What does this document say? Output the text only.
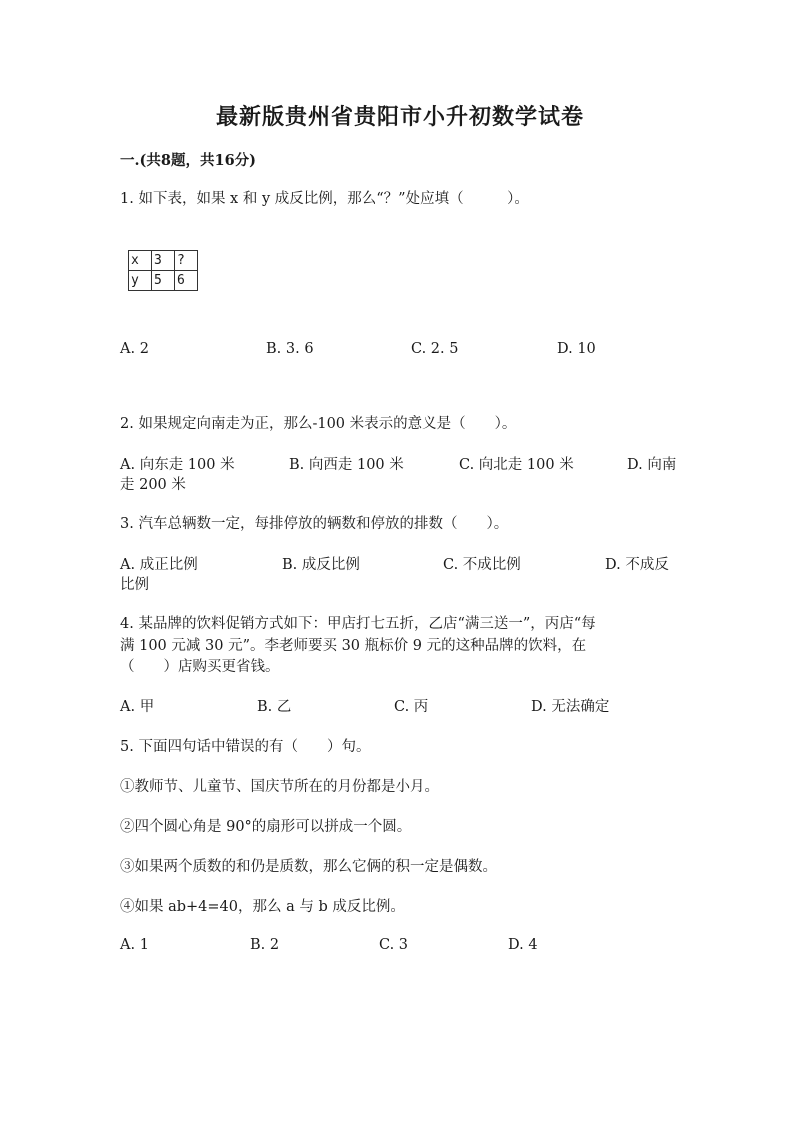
最新版贵州省贵阳市小升初数学试卷
一.(共8题，共16分)
1. 如下表，如果 x 和 y 成反比例，那么“？”处应填（　　　）。
x	3	?
y	5	6
A. 2	B. 3. 6	C. 2. 5	D. 10
2. 如果规定向南走为正，那么-100 米表示的意义是（　　）。
A. 向东走 100 米	B. 向西走 100 米	C. 向北走 100 米	D. 向南
走 200 米
3. 汽车总辆数一定，每排停放的辆数和停放的排数（　　）。
A. 成正比例	B. 成反比例	C. 不成比例	D. 不成反
比例
4. 某品牌的饮料促销方式如下：甲店打七五折，乙店“满三送一”，丙店“每
满 100 元减 30 元”。李老师要买 30 瓶标价 9 元的这种品牌的饮料，在
（　　）店购买更省钱。
A. 甲	B. 乙	C. 丙	D. 无法确定
5. 下面四句话中错误的有（　　）句。
①教师节、儿童节、国庆节所在的月份都是小月。
②四个圆心角是 90°的扇形可以拼成一个圆。
③如果两个质数的和仍是质数，那么它俩的积一定是偶数。
④如果 ab+4=40，那么 a 与 b 成反比例。
A. 1	B. 2	C. 3	D. 4
